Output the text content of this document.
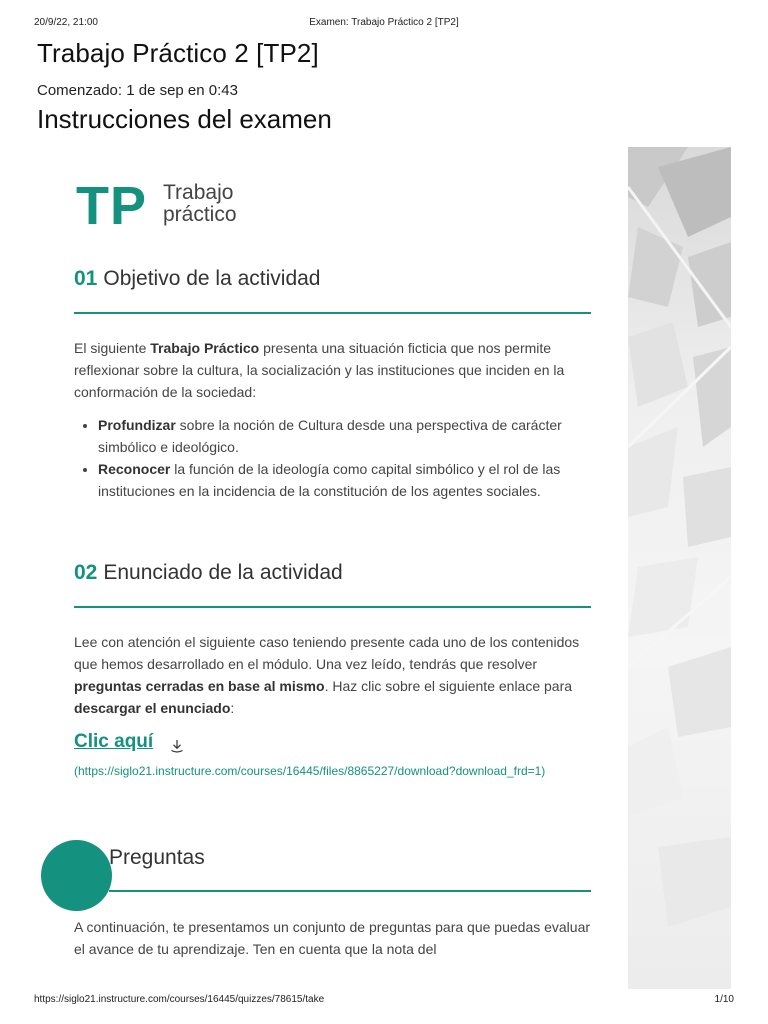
20/9/22, 21:00	Examen: Trabajo Práctico 2 [TP2]
Trabajo Práctico 2 [TP2]
Comenzado: 1 de sep en 0:43
Instrucciones del examen
TP Trabajo
práctico
01 Objetivo de la actividad
El siguiente Trabajo Práctico presenta una situación ficticia que nos permite reflexionar sobre la cultura, la socialización y las instituciones que inciden en la conformación de la sociedad:
• Profundizar sobre la noción de Cultura desde una perspectiva de carácter simbólico e ideológico.
• Reconocer la función de la ideología como capital simbólico y el rol de las instituciones en la incidencia de la constitución de los agentes sociales.
02 Enunciado de la actividad
Lee con atención el siguiente caso teniendo presente cada uno de los contenidos que hemos desarrollado en el módulo. Una vez leído, tendrás que resolver preguntas cerradas en base al mismo. Haz clic sobre el siguiente enlace para descargar el enunciado:
Clic aquí
(https://siglo21.instructure.com/courses/16445/files/8865227/download?download_frd=1)
Preguntas
A continuación, te presentamos un conjunto de preguntas para que puedas evaluar el avance de tu aprendizaje. Ten en cuenta que la nota del
https://siglo21.instructure.com/courses/16445/quizzes/78615/take	1/10
